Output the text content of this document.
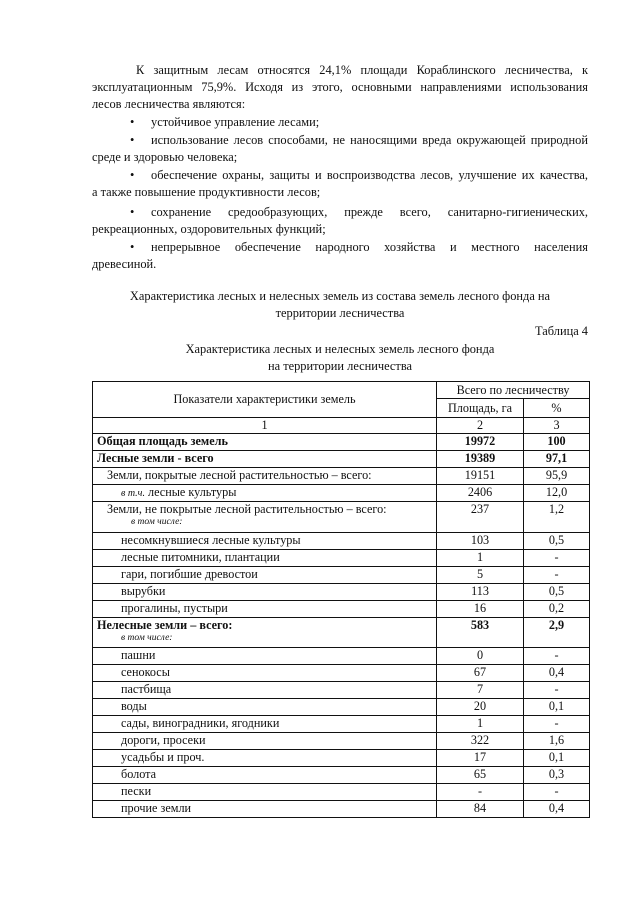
К защитным лесам относятся 24,1% площади Кораблинского лесничества, к
эксплуатационным 75,9%. Исходя из этого, основными направлениями использования
лесов лесничества являются:
• устойчивое управление лесами;
• использование лесов способами, не наносящими вреда окружающей природной
среде и здоровью человека;
• обеспечение охраны, защиты и воспроизводства лесов, улучшение их качества,
а также повышение продуктивности лесов;
• сохранение средообразующих, прежде всего, санитарно-гигиенических,
рекреационных, оздоровительных функций;
• непрерывное обеспечение народного хозяйства и местного населения
древесиной.
Характеристика лесных и нелесных земель из состава земель лесного фонда на
территории лесничества
Таблица 4
Характеристика лесных и нелесных земель лесного фонда
на территории лесничества
Показатели характеристики земель	Всего по лесничеству	
	Площадь, га	%
1	2	3
Общая площадь земель	19972	100
Лесные земли - всего	19389	97,1
Земли, покрытые лесной растительностью – всего:	19151	95,9
в т.ч. лесные культуры	2406	12,0
Земли, не покрытые лесной растительностью – всего:
в том числе:	237	1,2
несомкнувшиеся лесные культуры	103	0,5
лесные питомники, плантации	1	-
гари, погибшие древостои	5	-
вырубки	113	0,5
прогалины, пустыри	16	0,2
Нелесные земли – всего:
в том числе:	583	2,9
пашни	0	-
сенокосы	67	0,4
пастбища	7	-
воды	20	0,1
сады, виноградники, ягодники	1	-
дороги, просеки	322	1,6
усадьбы и проч.	17	0,1
болота	65	0,3
пески	-	-
прочие земли	84	0,4
